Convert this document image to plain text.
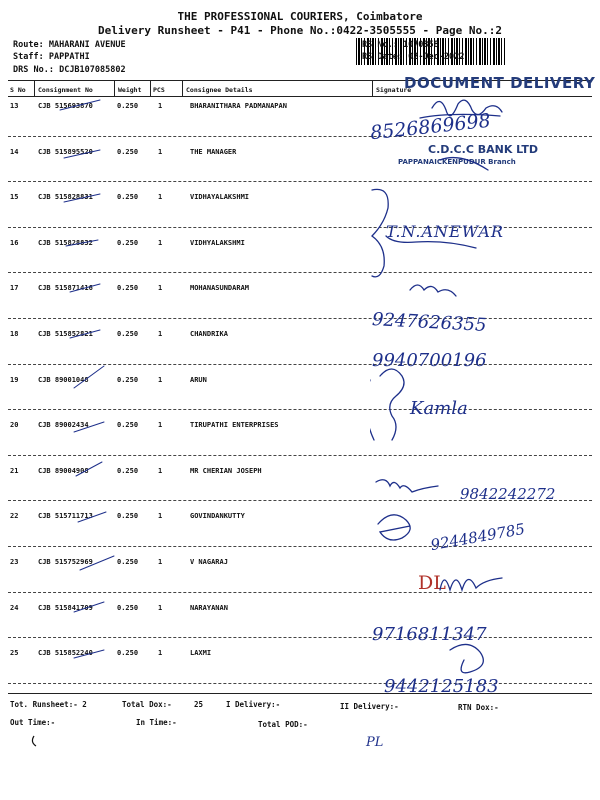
THE PROFESSIONAL COURIERS, Coimbatore
Delivery Runsheet - P41 - Phone No.:0422-3505555 - Page No.:2
Route: MAHARANI AVENUE
Staff: PAPPATHI
DRS No.: DCJB107085802
RS No.: 1070858
RS Date: 02-Dec-2022
S No Consignment No	Weight PCS	Consignee Details	Signature
13	CJB 515693870	0.250	1	BHARANITHARA PADMANAPAN
14	CJB 515895520	0.250	1	THE MANAGER
15	CJB 515828831	0.250	1	VIDHAYALAKSHMI
16	CJB 515828832	0.250	1	VIDHYALAKSHMI
17	CJB 515871416	0.250	1	MOHANASUNDARAM
18	CJB 515852821	0.250	1	CHANDRIKA
19	CJB 89001048	0.250	1	ARUN
20	CJB 89002434	0.250	1	TIRUPATHI ENTERPRISES
21	CJB 89004908	0.250	1	MR CHERIAN JOSEPH
22	CJB 515711713	0.250	1	GOVINDANKUTTY
23	CJB 515752969	0.250	1	V NAGARAJ
24	CJB 515841709	0.250	1	NARAYANAN
25	CJB 515852240	0.250	1	LAXMI
DOCUMENT DELIVERY
C.D.C.C BANK LTD
PAPPANAICKENPUDUR Branch
8526869698
T.N.ANEWAR
9247626355
9940700196
Kamla
9842242272
9244849785
DL
9716811347
9442125183
PL
Tot. Runsheet:- 2	Total Dox:-	25	I Delivery:-	II Delivery:-	RTN Dox:-
Out Time:-	In Time:-	Total POD:-
